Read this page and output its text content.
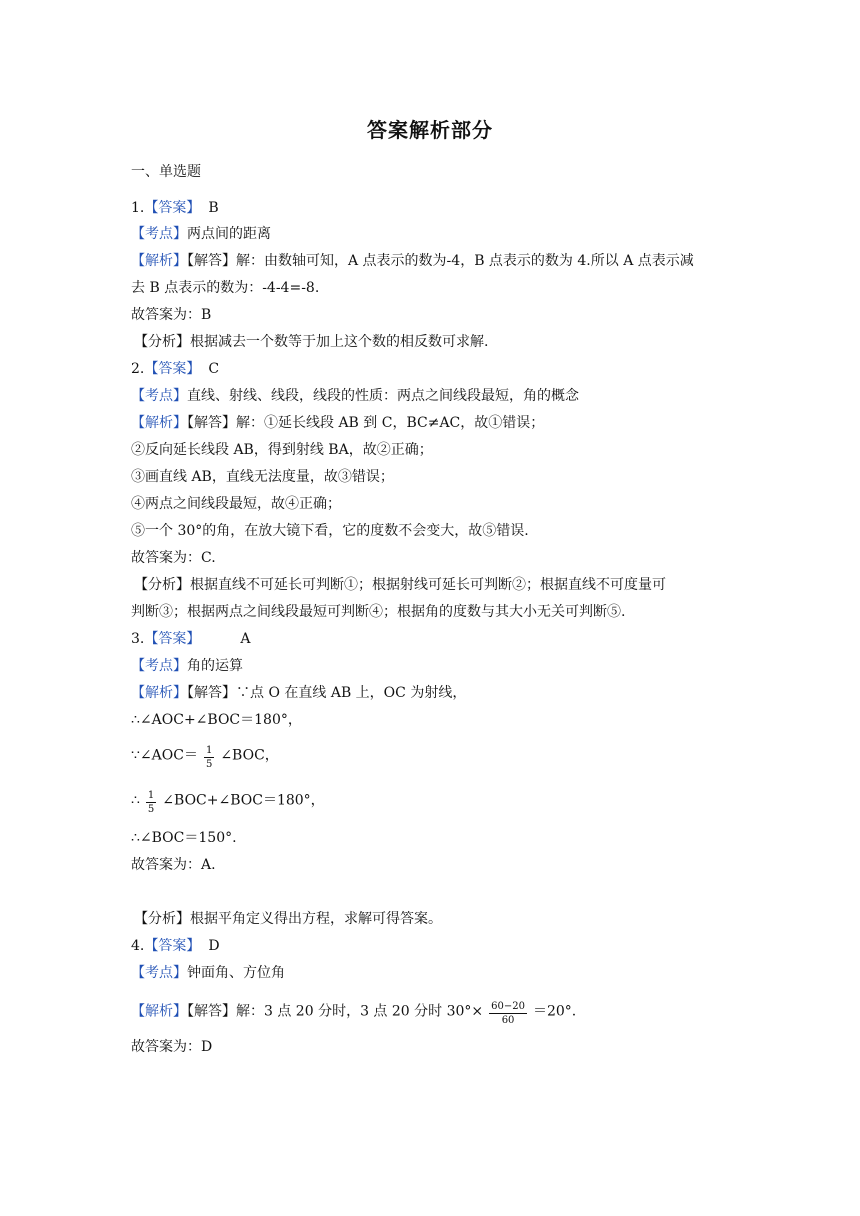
答案解析部分
一、单选题
1.【答案】 B
【考点】两点间的距离
【解析】【解答】解：由数轴可知，A 点表示的数为-4，B 点表示的数为 4.所以 A 点表示减
去 B 点表示的数为：-4-4=-8.
故答案为：B
【分析】根据减去一个数等于加上这个数的相反数可求解.
2.【答案】 C
【考点】直线、射线、线段，线段的性质：两点之间线段最短，角的概念
【解析】【解答】解：①延长线段 AB 到 C，BC≠AC，故①错误；
②反向延长线段 AB，得到射线 BA，故②正确；
③画直线 AB，直线无法度量，故③错误；
④两点之间线段最短，故④正确；
⑤一个 30°的角，在放大镜下看，它的度数不会变大，故⑤错误.
故答案为：C.
【分析】根据直线不可延长可判断①；根据射线可延长可判断②；根据直线不可度量可
判断③；根据两点之间线段最短可判断④；根据角的度数与其大小无关可判断⑤.
3.【答案】	A
【考点】角的运算
【解析】【解答】∵点 O 在直线 AB 上，OC 为射线，
∴∠AOC+∠BOC＝180°，
∵∠AOC＝ $\frac{1}{5}$ ∠BOC，
∴ $\frac{1}{5}$ ∠BOC+∠BOC＝180°，
∴∠BOC＝150°.
故答案为：A.
【分析】根据平角定义得出方程，求解可得答案。
4.【答案】 D
【考点】钟面角、方位角
【解析】【解答】解：3 点 20 分时，3 点 20 分时 $30^\circ\times \frac{60-20}{60} =20^\circ$.
故答案为：D
